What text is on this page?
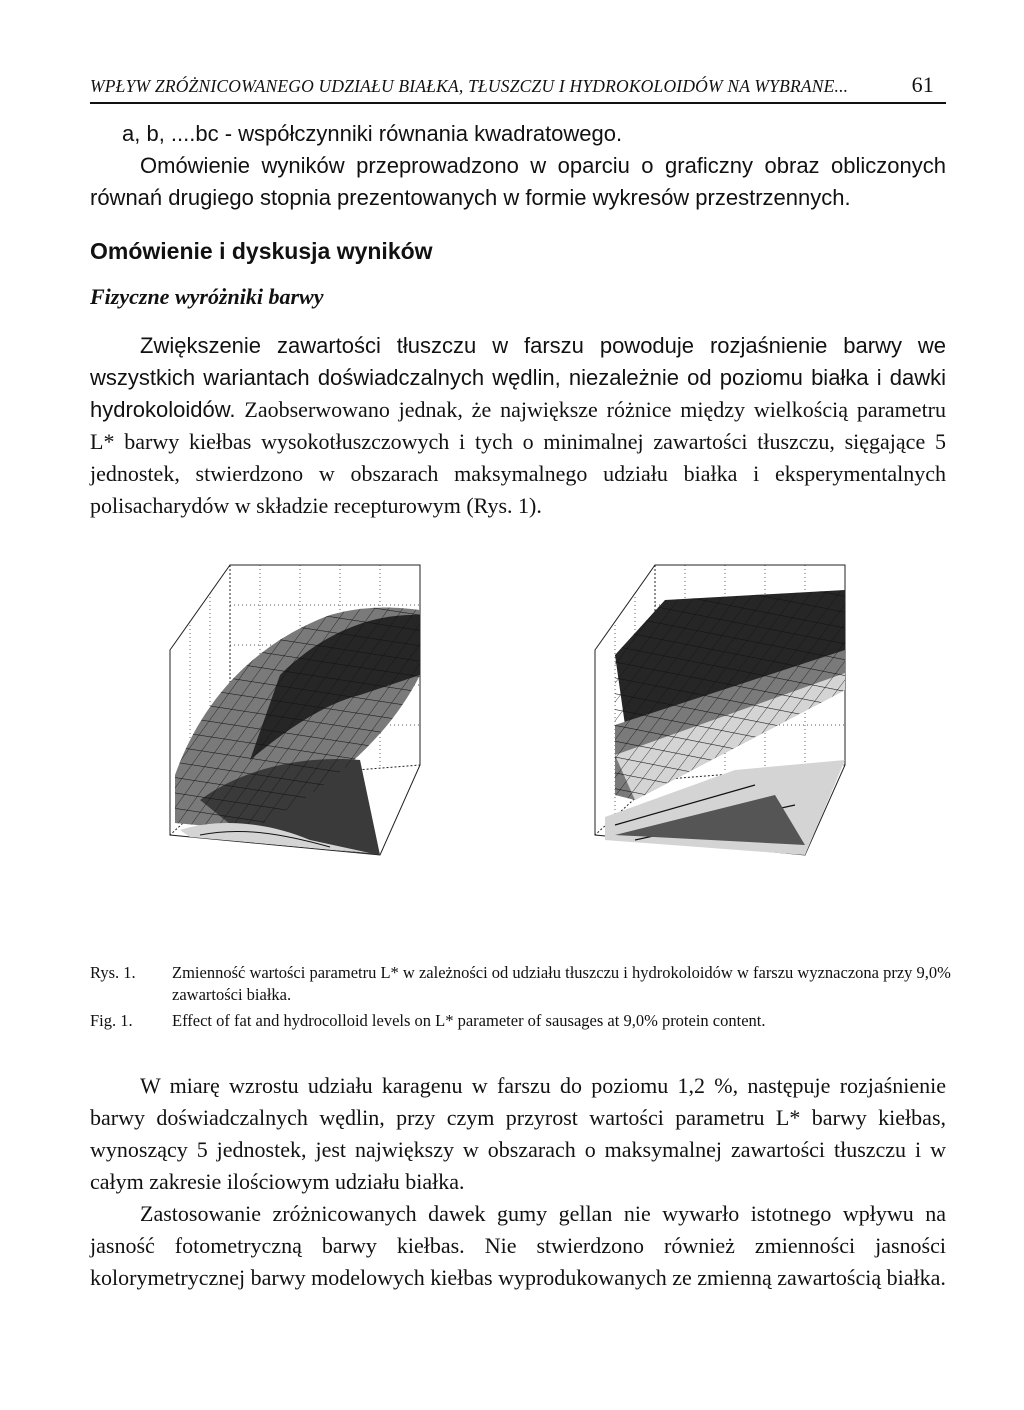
WPŁYW ZRÓŻNICOWANEGO UDZIAŁU BIAŁKA, TŁUSZCZU I HYDROKOLOIDÓW NA WYBRANE...	61
a, b, ....bc - współczynniki równania kwadratowego.

Omówienie wyników przeprowadzono w oparciu o graficzny obraz obliczonych równań drugiego stopnia prezentowanych w formie wykresów przestrzennych.

Omówienie i dyskusja wyników
Fizyczne wyróżniki barwy

Zwiększenie zawartości tłuszczu w farszu powoduje rozjaśnienie barwy we wszystkich wariantach doświadczalnych wędlin, niezależnie od poziomu białka i dawki hydrokoloidów. Zaobserwowano jednak, że największe różnice między wielkością parametru L* barwy kiełbas wysokotłuszczowych i tych o minimalnej zawartości tłuszczu, sięgające 5 jednostek, stwierdzono w obszarach maksymalnego udziału białka i eksperymentalnych polisacharydów w składzie recepturowym (Rys. 1).

Rys. 1. Zmienność wartości parametru L* w zależności od udziału tłuszczu i hydrokoloidów w farszu wyznaczona przy 9,0% zawartości białka.
Fig. 1. Effect of fat and hydrocolloid levels on L* parameter of sausages at 9,0% protein content.

W miarę wzrostu udziału karagenu w farszu do poziomu 1,2 %, następuje rozjaśnienie barwy doświadczalnych wędlin, przy czym przyrost wartości parametru L* barwy kiełbas, wynoszący 5 jednostek, jest największy w obszarach o maksymalnej zawartości tłuszczu i w całym zakresie ilościowym udziału białka.

Zastosowanie zróżnicowanych dawek gumy gellan nie wywarło istotnego wpływu na jasność fotometryczną barwy kiełbas. Nie stwierdzono również zmienności jasności kolorymetrycznej barwy modelowych kiełbas wyprodukowanych ze zmienną zawartością białka.
